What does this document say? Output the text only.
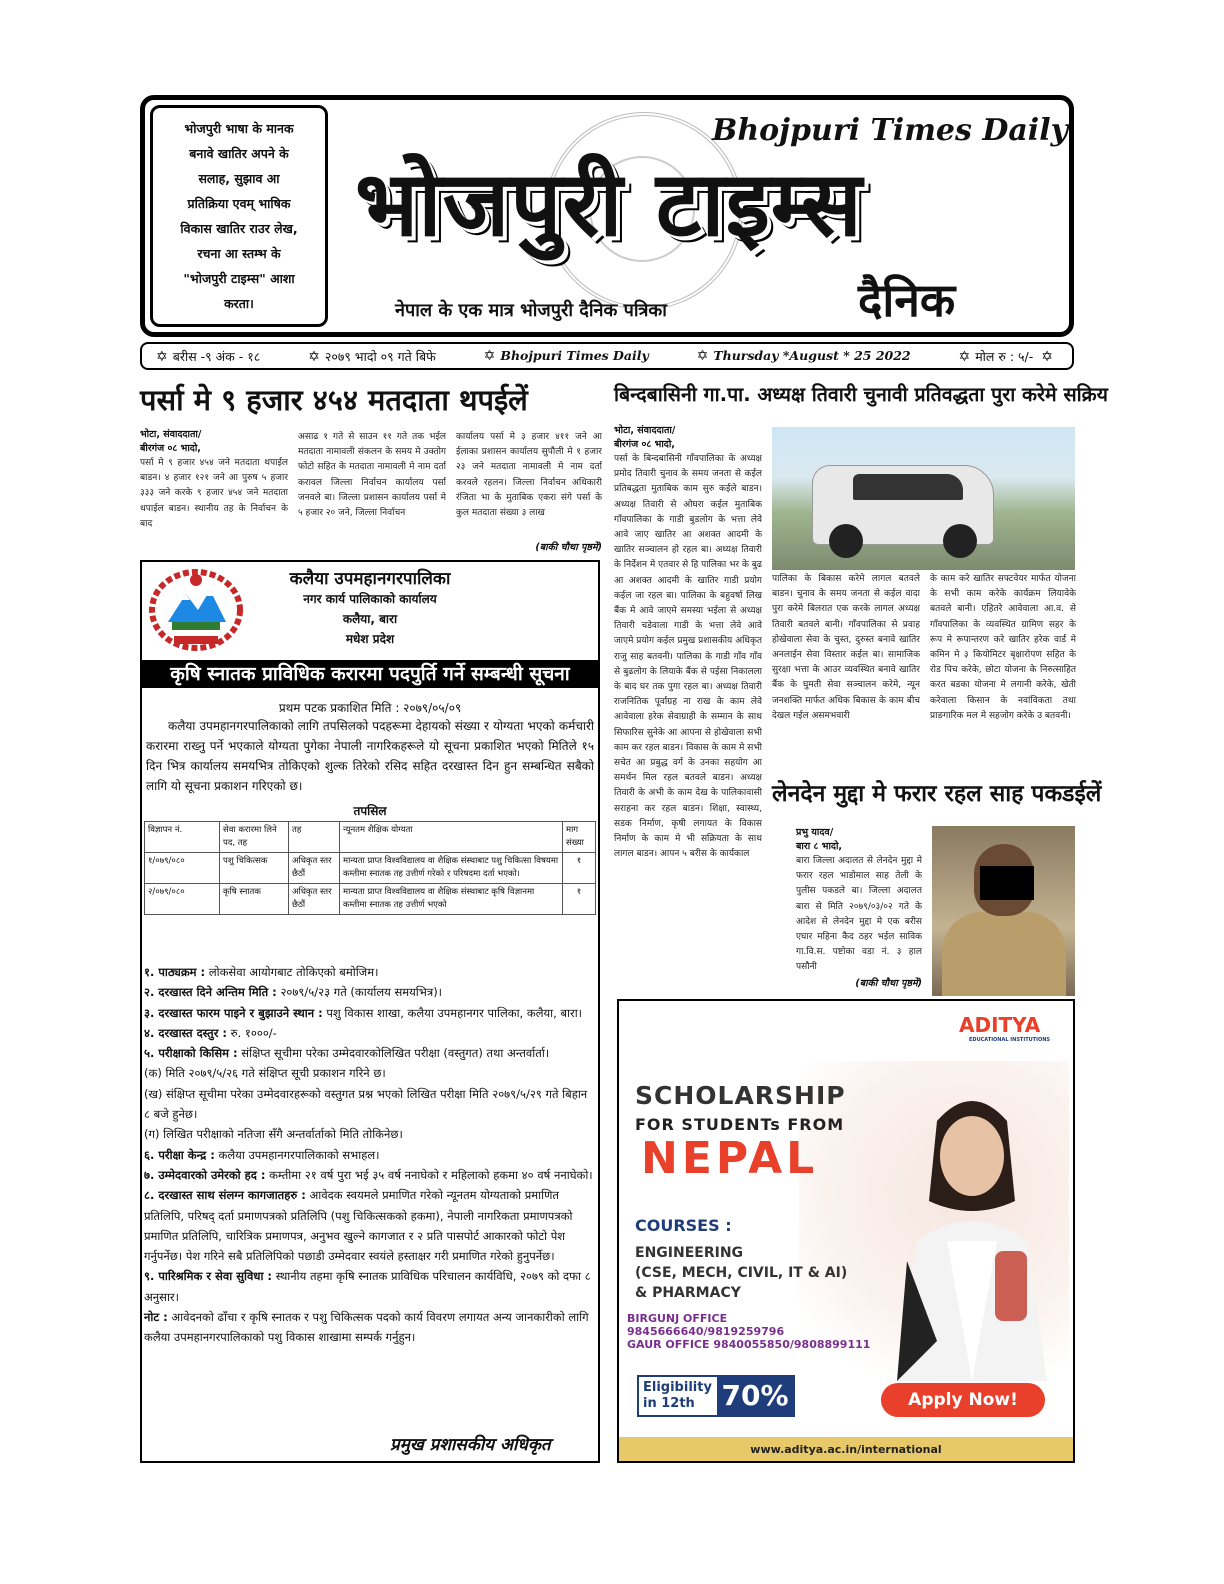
भोजपुरी भाषा के मानक
बनावे खातिर अपने के
सलाह, सुझाव आ
प्रतिक्रिया एवम् भाषिक
विकास खातिर राउर लेख,
रचना आ स्तम्भ के
"भोजपुरी टाइम्स" आशा
करता।
Bhojpuri Times Daily
भोजपुरी टाइम्स
नेपाल के एक मात्र भोजपुरी दैनिक पत्रिका	दैनिक
✡ बरीस -९ अंक - १८	✡ २०७९ भादो ०९ गते बिफे	✡ Bhojpuri Times Daily	✡ Thursday *August * 25 2022	✡ मोल रु : ५/- ✡
पर्सा मे ९ हजार ४५४ मतदाता थपईलें
भोटा, संवाददाता/
बीरगंज ०८ भादो,
पर्सा मे ९ हजार ४५४ जने मतदाता थपाईल बाडन। ४ हजार १२१ जने आ पुरुष ५ हजार ३३३ जने करके ९ हजार ४५४ जने मतदाता थपाईल बाडन। स्थानीय तह के निर्वाचन के बाद
असाढ १ गते से साउन ११ गते तक भईल मतदाता नामावली संकलन के समय मे उक्तोग फोटो सहित के मतदाता नामावली मे नाम दर्ता करावल जिल्ला निर्वाचन कार्यालय पर्सा जनवले बा। जिल्ला प्रशासन कार्यालय पर्सा मे ५ हजार २० जने, जिल्ला निर्वाचन
कार्यालय पर्सा मे ३ हजार ४११ जने आ ईलाका प्रशासन कार्यालय सुपौली मे १ हजार २३ जने मतदाता नामावली मे नाम दर्ता करवले रहलन। जिल्ला निर्वाचन अधिकारी रंजिता भा के मुताबिक एकरा संगे पर्सा के कुल मतदाता संख्या ३ लाख
(बाकी चौथा पृष्ठमें)
बिन्दबासिनी गा.पा. अध्यक्ष तिवारी चुनावी प्रतिवद्धता पुरा करेमे सक्रिय
भोटा, संवाददाता/
बीरगंज ०८ भादो,
पर्सा के बिन्दबासिनी गाँवपालिका के अध्यक्ष प्रमोद तिवारी चुनाव के समय जनता से कईल प्रतिबद्धता मुताबिक काम सुरु कईले बाडन। अध्यक्ष तिवारी से ओघरा कईल मुताबिक गाँवपालिका के गाडी बुडलोग के भत्ता लेवे आवे जाए खातिर आ अशक्त आदमी के खातिर सञ्चालन हो रहल बा। अध्यक्ष तिवारी के निर्देशन मे एतवार से हि पालिका भर के बुढ आ अशक्त आदमी के खातिर गाडी प्रयोग कईल जा रहल बा। पालिका के बहुवर्षा लिख बैंक मे आवे जाएमे समस्या भईला से अध्यक्ष तिवारी चडेवाला गाडी के भत्ता लेवे आवे जाएमे प्रयोग कईल प्रमुख प्रशासकीय अधिकृत राजु साह बतवनी। पालिका के गाडी गाँव गाँव से बुढलोग के लियाके बैंक से पईसा निकालला के बाद घर तक पुगा रहल बा। अध्यक्ष तिवारी राजनितिक पूर्वाग्रह ना राख के काम लेवे आवेवाला हरेक सेवाग्राही के सम्मान के साथ सिफारिस सुनेके आ आपना से होखेवाला सभी काम कर रहल बाडन। विकास के काम मे सभी सचेत आ प्रबुद्ध वर्ग के उनका सहयोग आ समर्थन मिल रहल बतवले बाडन। अध्यक्ष तिवारी के अभी के काम देख के पालिकावासी सराहना कर रहल बाडन। शिक्षा, स्वास्थ्य, सडक निर्माण, कृषी लगायत के विकास निर्माण के काम मे भी सक्रियता के साथ लागल बाडन। आपन ५ बरीस के कार्यकाल
पालिका के बिकास करेमे लागल बतवले बाडन। चुनाव के समय जनता से कईल वादा पुरा करेमे बिलरात एक करके लागल अध्यक्ष तिवारी बतवले बानी। गाँवपालिका से प्रवाह होखेवाला सेवा के चुस्त, दुरुस्त बनावे खातिर अनलाईन सेवा विस्तार कईल बा। सामाजिक सुरक्षा भत्ता के आउर व्यवस्थित बनावे खातिर बैंक के घुमती सेवा सञ्चालन करेमे, न्यून जनशक्ति मार्फत अधिक बिकास के काम बीच देखल गईल असमभवारी
के काम करे खातिर सफ्टवेयर मार्फत योजना के सभी काम करेके कार्यक्रम लियावेके बतवले बानी। एहितरे आवेवाला आ.व. से गाँवपालिका के व्यवस्थित ग्रामिण सहर के रूप मे रूपान्तरण करे खातिर हरेक वार्ड मे कमिन मे ३ कियोमिटर बृक्षारोपण सहित के रोड पिच करेके, छोटा योजना के निरुत्साहित करत बडका योजना मे लगानी करेके, खेती करेवाला किसान के नवांविकता तथा प्राङगारिक मल मे सहजोग करेके उ बतवनी।
लेनदेन मुद्दा मे फरार रहल साह पकडईलें
प्रभु यादव/
बारा ८ भादो,
बारा जिल्ला अदालत से लेनदेन मुद्दा मे फरार रहल भाडोमाल साह तेली के पुलीस पकडले बा। जिल्ला अदालत बारा से मिति २०७९/०३/०२ गते के आदेश से लेनदेन मुद्दा मे एक बरीस एघार महिना कैद ठहर भईल साविक गा.वि.स. पष्टोका वडा नं. ३ हाल पसौनी
(बाकी चौथा पृष्ठमें)
कलैया उपमहानगरपालिका
नगर कार्य पालिकाको कार्यालय
कलैया, बारा
मधेश प्रदेश
कृषि स्नातक प्राविधिक करारमा पदपुर्ति गर्ने सम्बन्धी सूचना
प्रथम पटक प्रकाशित मिति : २०७९/०५/०९
कलैया उपमहानगरपालिकाको लागि तपसिलको पदहरूमा देहायको संख्या र योग्यता भएको कर्मचारी करारमा राख्नु पर्ने भएकाले योग्यता पुगेका नेपाली नागरिकहरूले यो सूचना प्रकाशित भएको मितिले १५ दिन भित्र कार्यालय समयभित्र तोकिएको शुल्क तिरेको रसिद सहित दरखास्त दिन हुन सम्बन्धित सबैको लागि यो सूचना प्रकाशन गरिएको छ।
तपसिल
विज्ञापन नं.	सेवा करारमा लिने पद, तह	तह	न्यूनतम शैक्षिक योग्यता	माग संख्या
१/०७९/०८०	पशु चिकित्सक	अधिकृत स्तर छैठौं	मान्यता प्राप्त विश्वविद्यालय वा शैक्षिक संस्थाबाट पशु चिकित्सा विषयमा कम्तीमा स्नातक तह उत्तीर्ण गरेको र परिषदमा दर्ता भएको।	१
२/०७९/०८०	कृषि स्नातक	अधिकृत स्तर छैठौं	मान्यता प्राप्त विश्वविद्यालय वा शैक्षिक संस्थाबाट कृषि विज्ञानमा कम्तीमा स्नातक तह उत्तीर्ण भएको	१
१. पाठ्यक्रम : लोकसेवा आयोगबाट तोकिएको बमोजिम।
२. दरखास्त दिने अन्तिम मिति : २०७९/५/२३ गते (कार्यालय समयभित्र)।
३. दरखास्त फारम पाइने र बुझाउने स्थान : पशु विकास शाखा, कलैया उपमहानगर पालिका, कलैया, बारा।
४. दरखास्त दस्तुर : रु. १०००/-
५. परीक्षाको किसिम : संक्षिप्त सूचीमा परेका उम्मेदवारकोलिखित परीक्षा (वस्तुगत) तथा अन्तर्वार्ता।
(क) मिति २०७९/५/२६ गते संक्षिप्त सूची प्रकाशन गरिने छ।
(ख) संक्षिप्त सूचीमा परेका उम्मेदवारहरूको वस्तुगत प्रश्न भएको लिखित परीक्षा मिति २०७९/५/२९ गते बिहान ८ बजे हुनेछ।
(ग) लिखित परीक्षाको नतिजा सँगै अन्तर्वार्ताको मिति तोकिनेछ।
६. परीक्षा केन्द्र : कलैया उपमहानगरपालिकाको सभाहल।
७. उम्मेदवारको उमेरको हद : कम्तीमा २१ वर्ष पुरा भई ३५ वर्ष ननाघेको र महिलाको हकमा ४० वर्ष ननाघेको।
८. दरखास्त साथ संलग्न कागजातहरु : आवेदक स्वयमले प्रमाणित गरेको न्यूनतम योग्यताको प्रमाणित प्रतिलिपि, परिषद् दर्ता प्रमाणपत्रको प्रतिलिपि (पशु चिकित्सकको हकमा), नेपाली नागरिकता प्रमाणपत्रको प्रमाणित प्रतिलिपि, चारित्रिक प्रमाणपत्र, अनुभव खुल्ने कागजात र २ प्रति पासपोर्ट आकारको फोटो पेश गर्नुपर्नेछ। पेश गरिने सबै प्रतिलिपिको पछाडी उम्मेदवार स्वयंले हस्ताक्षर गरी प्रमाणित गरेको हुनुपर्नेछ।
९. पारिश्रमिक र सेवा सुविधा : स्थानीय तहमा कृषि स्नातक प्राविधिक परिचालन कार्यविधि, २०७९ को दफा ८ अनुसार।
नोट : आवेदनको ढाँचा र कृषि स्नातक र पशु चिकित्सक पदको कार्य विवरण लगायत अन्य जानकारीको लागि कलैया उपमहानगरपालिकाको पशु विकास शाखामा सम्पर्क गर्नुहुन।
प्रमुख प्रशासकीय अधिकृत
ADITYA
EDUCATIONAL INSTITUTIONS
SCHOLARSHIP
FOR STUDENTs FROM
NEPAL
COURSES :
ENGINEERING
(CSE, MECH, CIVIL, IT & AI)
& PHARMACY
BIRGUNJ OFFICE
9845666640/9819259796
GAUR OFFICE 9840055850/9808899111
Eligibility
in 12th 70%	Apply Now!
www.aditya.ac.in/international
